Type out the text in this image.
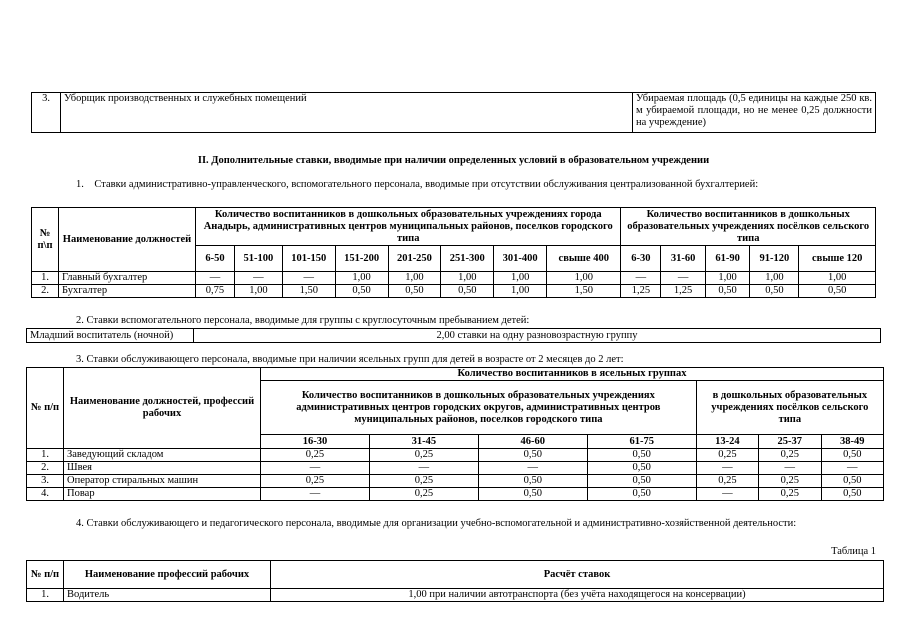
3.	Уборщик производственных и служебных помещений	Убираемая площадь (0,5 единицы на каждые 250 кв. м убираемой площади, но не менее 0,25 должности на учреждение)
II. Дополнительные ставки, вводимые при наличии определенных условий в образовательном учреждении
1. Ставки административно-управленческого, вспомогательного персонала, вводимые при отсутствии обслуживания централизованной бухгалтерией:
№ п\п	Наименование должностей	Количество воспитанников в дошкольных образовательных учреждениях города Анадырь, административных центров муниципальных районов, поселков городского типа								Количество воспитанников в дошкольных образовательных учреждениях посёлков сельского типа				
		6-50	51-100	101-150	151-200	201-250	251-300	301-400	свыше 400	6-30	31-60	61-90	91-120	свыше 120
1.	Главный бухгалтер	—	—	—	1,00	1,00	1,00	1,00	1,00	—	—	1,00	1,00	1,00
2.	Бухгалтер	0,75	1,00	1,50	0,50	0,50	0,50	1,00	1,50	1,25	1,25	0,50	0,50	0,50
2. Ставки вспомогательного персонала, вводимые для группы с круглосуточным пребыванием детей:
Младший воспитатель (ночной)	2,00 ставки на одну разновозрастную группу
3. Ставки обслуживающего персонала, вводимые при наличии ясельных групп для детей в возрасте от 2 месяцев до 2 лет:
№ п/п	Наименование должностей, профессий рабочих	Количество воспитанников в ясельных группах						
		Количество воспитанников в дошкольных образовательных учреждениях административных центров городских округов, административных центров муниципальных районов, поселков городского типа				в дошкольных образовательных учреждениях посёлков сельского типа		
		16-30	31-45	46-60	61-75	13-24	25-37	38-49
1.	Заведующий складом	0,25	0,25	0,50	0,50	0,25	0,25	0,50
2.	Швея	—	—	—	0,50	—	—	—
3.	Оператор стиральных машин	0,25	0,25	0,50	0,50	0,25	0,25	0,50
4.	Повар	—	0,25	0,50	0,50	—	0,25	0,50
4. Ставки обслуживающего и педагогического персонала, вводимые для организации учебно-вспомогательной и административно-хозяйственной деятельности:
Таблица 1
№ п/п	Наименование профессий рабочих	Расчёт ставок
1.	Водитель	1,00 при наличии автотранспорта (без учёта находящегося на консервации)
